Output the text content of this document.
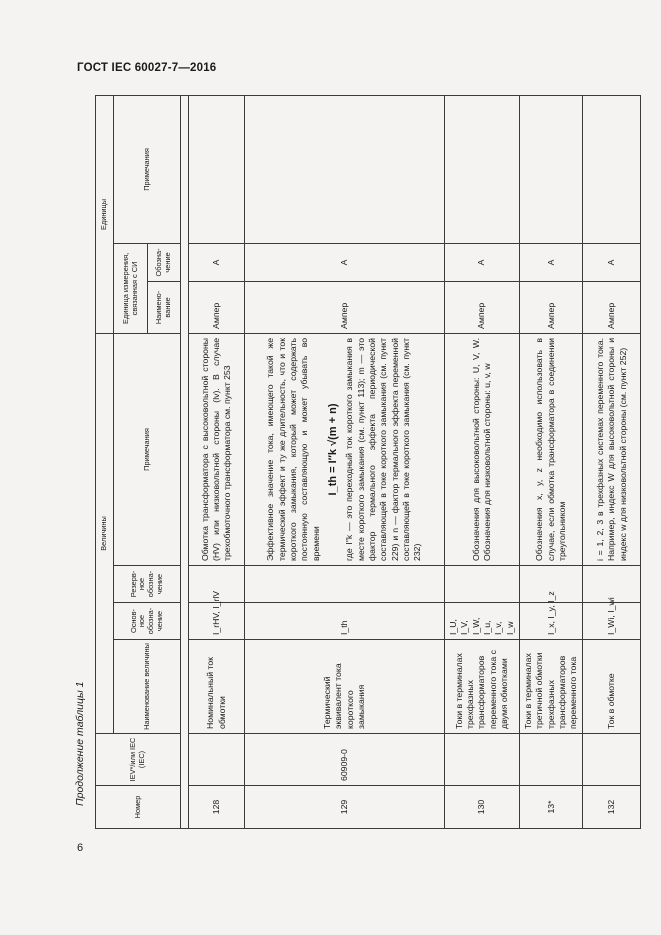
ГОСТ IEC 60027-7—2016
Продолжение таблицы 1
6
Номер	IEV*/или IEC (IEC)	Величины				Единицы		
		Наименование величины	Основ-ное обозна-чение	Резерв-ное обозна-чение	Примечания	Единица измерения, связанная с СИ		Примечания
						Наимено-вание	Обозна-чение	

128		Номинальный ток обмотки	I_rHV, I_rlV		Обмотка трансформатора с высоковольтной стороны (HV) или низковольтной стороны (lv). В случае трехобмоточного трансформатора см. пункт 253	Ампер	А	
129	60909-0	Термический эквивалент тока короткого замыкания	I_th		Эффективное значение тока, имеющего такой же термический эффект и ту же длительность, что и ток короткого замыкания, который может содержать постоянную составляющую и может убывать во времени

I_th = I″k √(m + n) где I″k — это переходный ток короткого замыкания в месте короткого замыкания (см. пункт 113); m — это фактор термального эффекта периодической составляющей в токе короткого замыкания (см. пункт 229) и n — фактор термального эффекта переменной составляющей в токе короткого замыкания (см. пункт 232)	Ампер	А	
130		Токи в терминалах трехфазных трансформаторов переменного тока с двумя обмотками	I_U, I_V, I_W, I_u, I_v, I_w		Обозначения для высоковольтной стороны: U, V, W. Обозначения для низковольтной стороны: u, v, w	Ампер	А	
13*		Токи в терминалах третичной обмотки трехфазных трансформаторов переменного тока	I_x, I_y, I_z		Обозначения x, y, z необходимо использовать в случае, если обмотка трансформатора в соединении треугольником	Ампер	А	
132		Ток в обмотке	I_Wi, I_wi		i = 1, 2, 3 в трехфазных системах переменного тока. Например, индекс W для высоковольтной стороны и индекс w для низковольтной стороны (см. пункт 252)	Ампер	А	
